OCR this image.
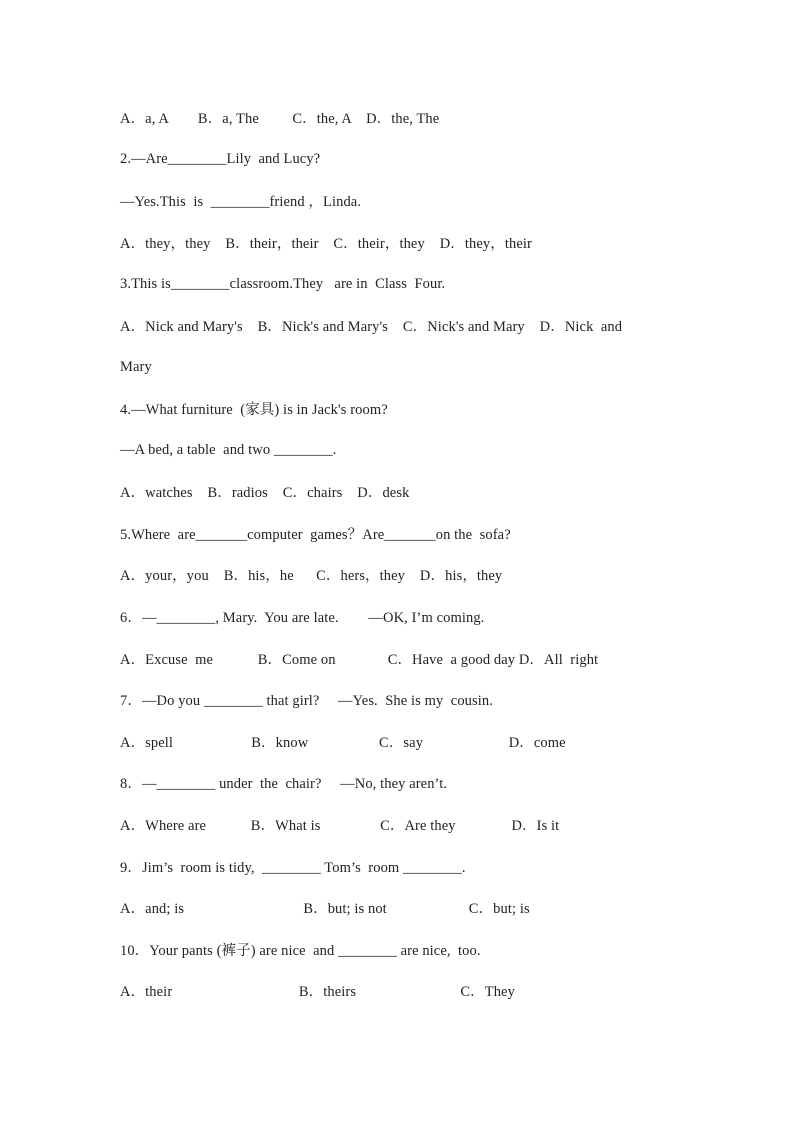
A．a, A        B．a, The         C．the, A    D．the, The
2.—Are________Lily  and Lucy?
—Yes.This  is  ________friend ，Linda.
A．they，they    B．their，their    C．their，they    D．they，their
3.This is________classroom.They   are in  Class  Four.
A．Nick and Mary's    B．Nick's and Mary's    C．Nick's and Mary    D．Nick  and
Mary
4.—What furniture  (家具) is in Jack's room?
—A bed, a table  and two ________.
A．watches    B．radios    C．chairs    D．desk
5.Where  are_______computer  games？Are_______on the  sofa?
A．your，you    B．his，he      C．hers，they    D．his，they
6．—________, Mary.  You are late.        —OK, I’m coming.
A．Excuse  me            B．Come on              C．Have  a good day D．All  right
7．—Do you ________ that girl?     —Yes.  She is my  cousin.
A．spell                     B．know                   C．say                       D．come
8．—________ under  the  chair?     —No, they aren’t.
A．Where are            B．What is                C．Are they               D．Is it
9．Jim’s  room is tidy,  ________ Tom’s  room ________.
A．and; is                                B．but; is not                      C．but; is
10．Your pants (裤子) are nice  and ________ are nice,  too.
A．their                                  B．theirs                            C．They
